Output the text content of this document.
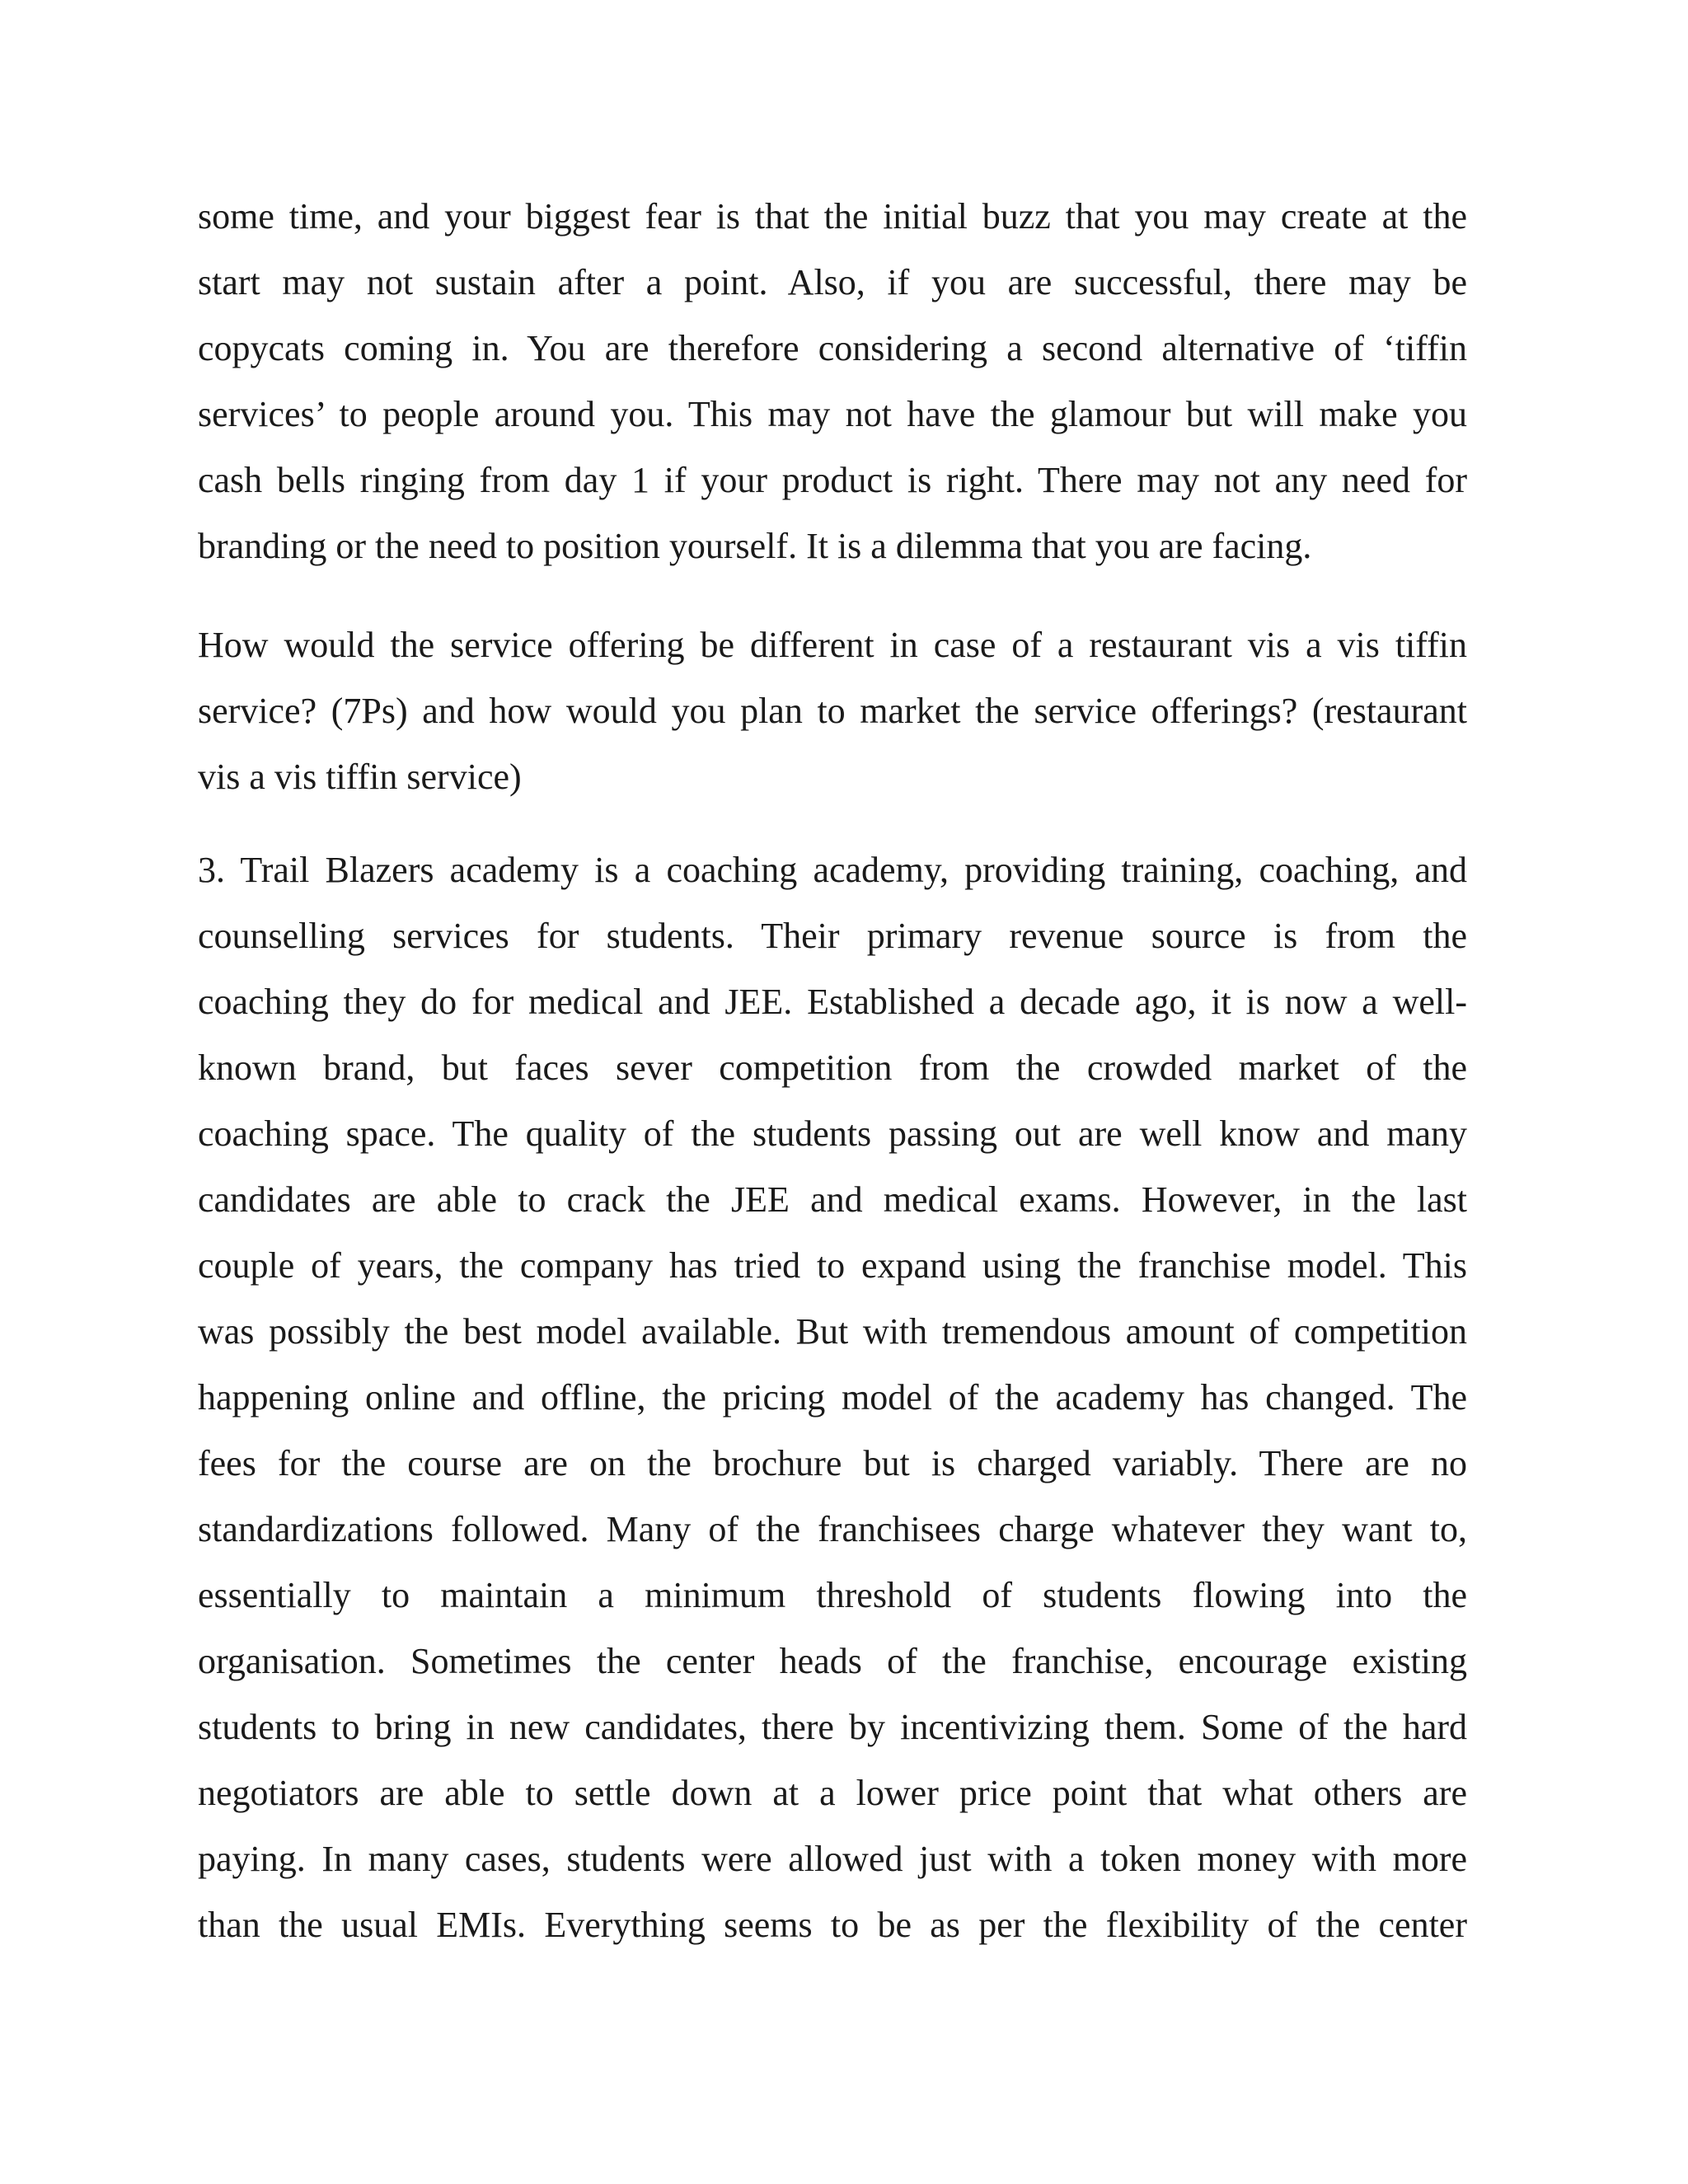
some time, and your biggest fear is that the initial buzz that you may create at the
start may not sustain after a point. Also, if you are successful, there may be
copycats coming in. You are therefore considering a second alternative of ‘tiffin
services’ to people around you. This may not have the glamour but will make you
cash bells ringing from day 1 if your product is right. There may not any need for
branding or the need to position yourself. It is a dilemma that you are facing.
How would the service offering be different in case of a restaurant vis a vis tiffin
service? (7Ps) and how would you plan to market the service offerings? (restaurant
vis a vis tiffin service)
3. Trail Blazers academy is a coaching academy, providing training, coaching, and
counselling services for students. Their primary revenue source is from the
coaching they do for medical and JEE. Established a decade ago, it is now a well-
known brand, but faces sever competition from the crowded market of the
coaching space. The quality of the students passing out are well know and many
candidates are able to crack the JEE and medical exams. However, in the last
couple of years, the company has tried to expand using the franchise model. This
was possibly the best model available. But with tremendous amount of competition
happening online and offline, the pricing model of the academy has changed. The
fees for the course are on the brochure but is charged variably. There are no
standardizations followed. Many of the franchisees charge whatever they want to,
essentially to maintain a minimum threshold of students flowing into the
organisation. Sometimes the center heads of the franchise, encourage existing
students to bring in new candidates, there by incentivizing them. Some of the hard
negotiators are able to settle down at a lower price point that what others are
paying. In many cases, students were allowed just with a token money with more
than the usual EMIs. Everything seems to be as per the flexibility of the center
